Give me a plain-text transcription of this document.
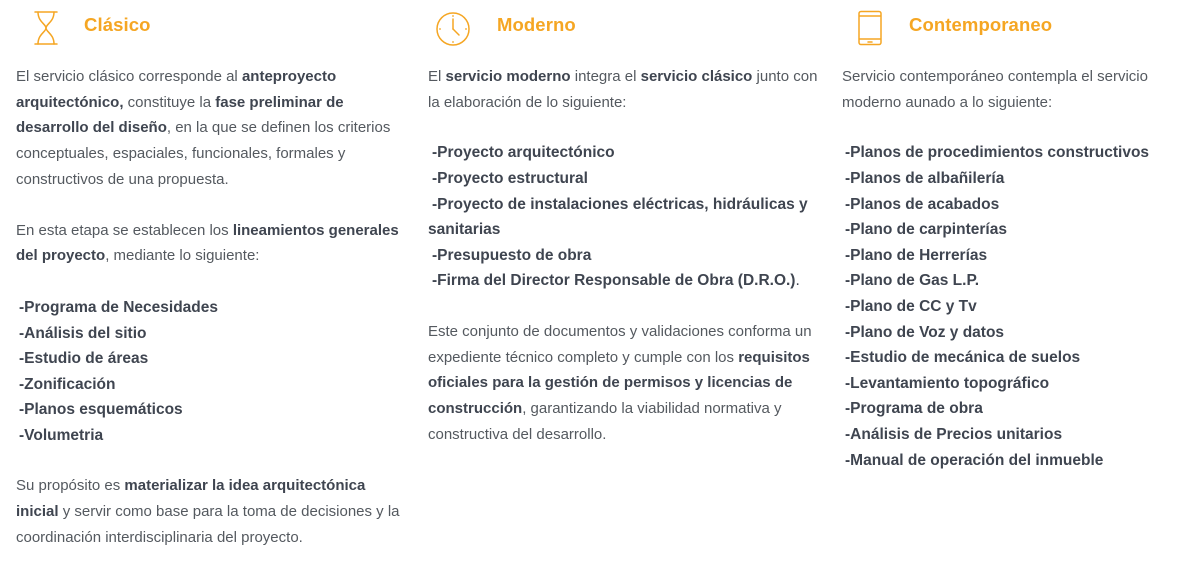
Clásico

El servicio clásico corresponde al anteproyecto arquitectónico, constituye la fase preliminar de desarrollo del diseño, en la que se definen los criterios conceptuales, espaciales, funcionales, formales y constructivos de una propuesta.

En esta etapa se establecen los lineamientos generales del proyecto, mediante lo siguiente:

-Programa de Necesidades
-Análisis del sitio
-Estudio de áreas
-Zonificación
-Planos esquemáticos
-Volumetria

Su propósito es materializar la idea arquitectónica inicial y servir como base para la toma de decisiones y la coordinación interdisciplinaria del proyecto.

Moderno

El servicio moderno integra el servicio clásico junto con la elaboración de lo siguiente:

-Proyecto arquitectónico
-Proyecto estructural
-Proyecto de instalaciones eléctricas, hidráulicas y sanitarias
-Presupuesto de obra
-Firma del Director Responsable de Obra (D.R.O.).

Este conjunto de documentos y validaciones conforma un expediente técnico completo y cumple con los requisitos oficiales para la gestión de permisos y licencias de construcción, garantizando la viabilidad normativa y constructiva del desarrollo.

Contemporaneo

Servicio contemporáneo contempla el servicio moderno aunado a lo siguiente:

-Planos de procedimientos constructivos
-Planos de albañilería
-Planos de acabados
-Plano de carpinterías
-Plano de Herrerías
-Plano de Gas L.P.
-Plano de CC y Tv
-Plano de Voz y datos
-Estudio de mecánica de suelos
-Levantamiento topográfico
-Programa de obra
-Análisis de Precios unitarios
-Manual de operación del inmueble
